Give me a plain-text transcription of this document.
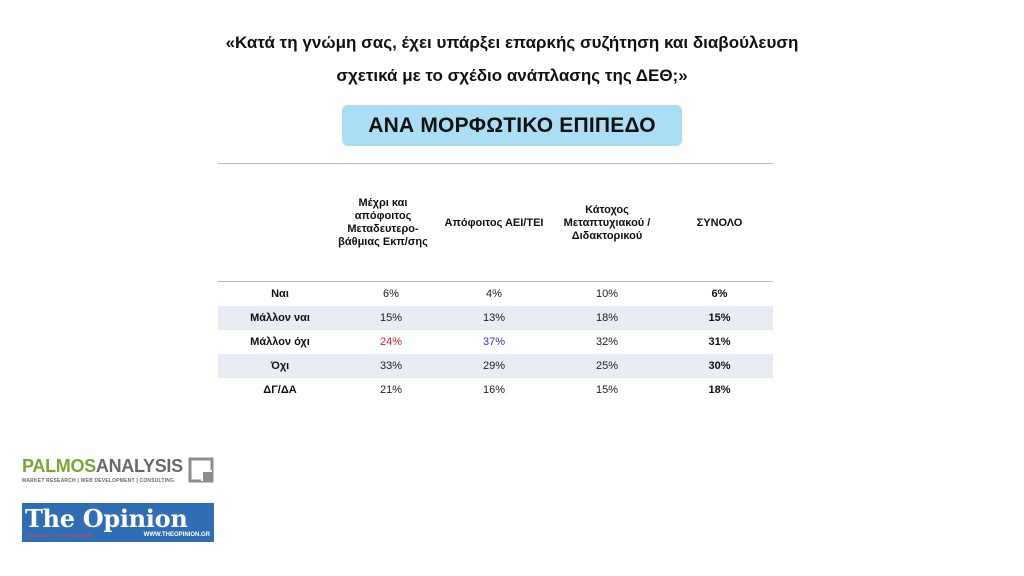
«Κατά τη γνώμη σας, έχει υπάρξει επαρκής συζήτηση και διαβούλευση
σχετικά με το σχέδιο ανάπλασης της ΔΕΘ;»
ΑΝΑ ΜΟΡΦΩΤΙΚΟ ΕΠΙΠΕΔΟ
Μέχρι και απόφοιτος Μεταδευτερο-βάθμιας Εκπ/σης
Απόφοιτος ΑΕΙ/ΤΕΙ
Κάτοχος Μεταπτυχιακού / Διδακτορικού
ΣΥΝΟΛΟ
Ναι	6%	4%	10%	6%
Μάλλον ναι	15%	13%	18%	15%
Μάλλον όχι	24%	37%	32%	31%
Όχι	33%	29%	25%	30%
ΔΓ/ΔΑ	21%	16%	15%	18%
PALMOSANALYSIS
MARKET RESEARCH | WEB DEVELOPMENT | CONSULTING
The Opinion
ΕΙΔΗΣΕΙΣ ΓΙΑ ΤΗΝ ΟΙΚΟΝΟΜΙΑ	WWW.THEOPINION.GR
